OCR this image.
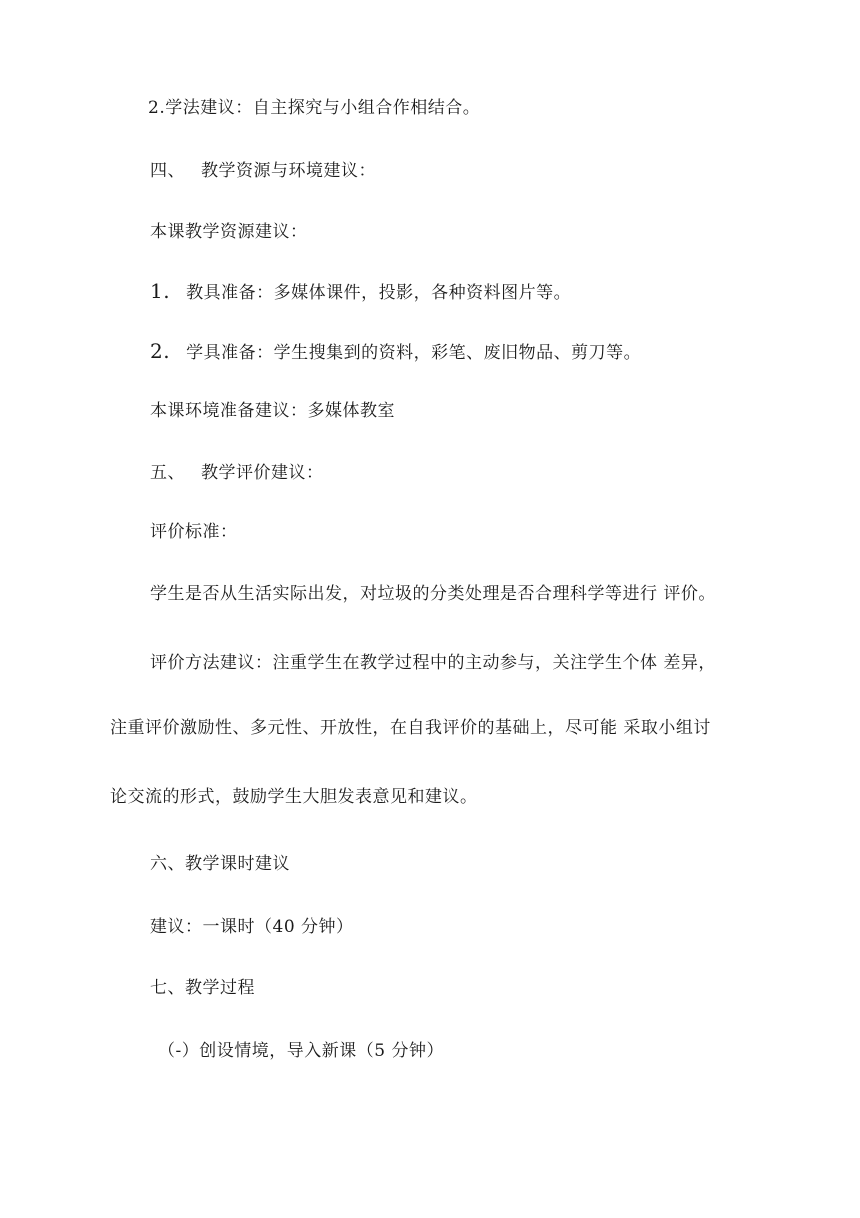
2.学法建议：自主探究与小组合作相结合。
四、 教学资源与环境建议：
本课教学资源建议：
1. 教具准备：多媒体课件，投影，各种资料图片等。
2. 学具准备：学生搜集到的资料，彩笔、废旧物品、剪刀等。
本课环境准备建议：多媒体教室
五、 教学评价建议：
评价标准：
学生是否从生活实际出发，对垃圾的分类处理是否合理科学等进行 评价。
评价方法建议：注重学生在教学过程中的主动参与，关注学生个体 差异，
注重评价激励性、多元性、开放性，在自我评价的基础上，尽可能 采取小组讨
论交流的形式，鼓励学生大胆发表意见和建议。
六、教学课时建议
建议：一课时（40 分钟）
七、教学过程
（-）创设情境，导入新课（5 分钟）
